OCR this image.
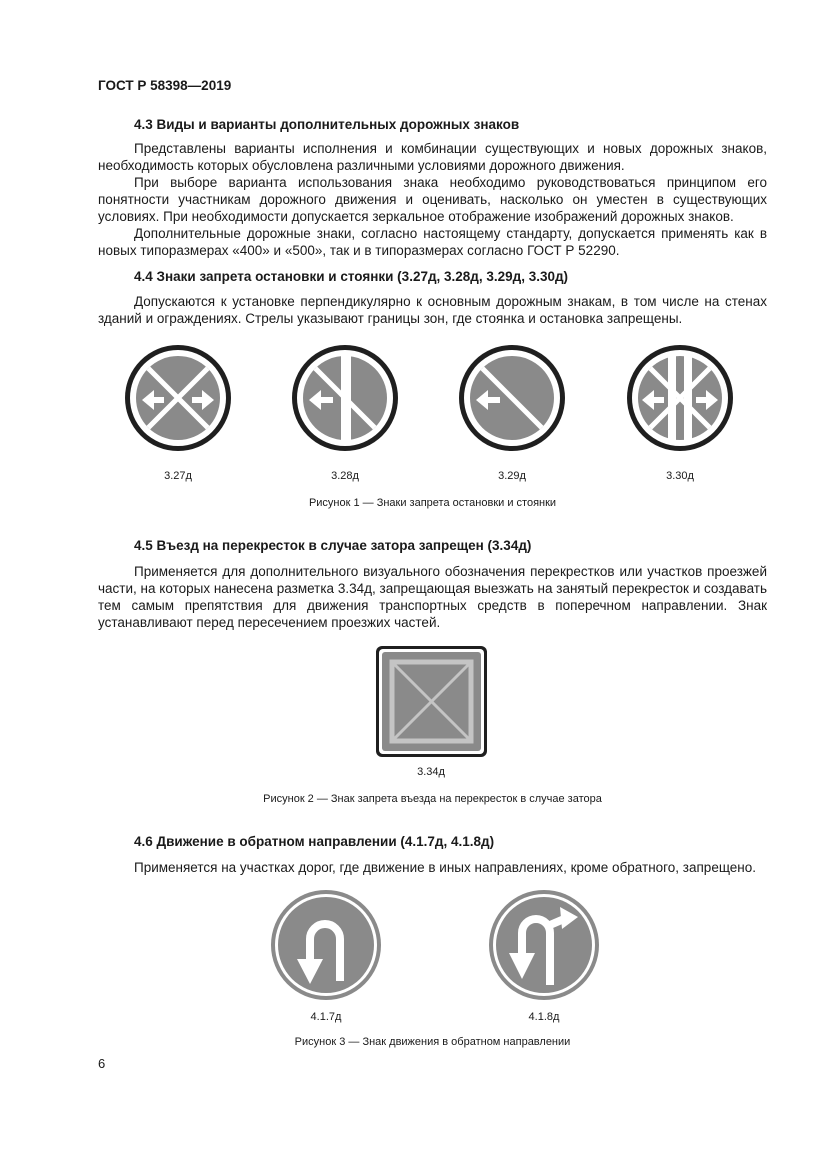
ГОСТ Р 58398—2019
4.3 Виды и варианты дополнительных дорожных знаков

Представлены варианты исполнения и комбинации существующих и новых дорожных знаков, необходимость которых обусловлена различными условиями дорожного движения.

При выборе варианта использования знака необходимо руководствоваться принципом его понятности участникам дорожного движения и оценивать, насколько он уместен в существующих условиях. При необходимости допускается зеркальное отображение изображений дорожных знаков.

Дополнительные дорожные знаки, согласно настоящему стандарту, допускается применять как в новых типоразмерах «400» и «500», так и в типоразмерах согласно ГОСТ Р 52290.

4.4 Знаки запрета остановки и стоянки (3.27д, 3.28д, 3.29д, 3.30д)

Допускаются к установке перпендикулярно к основным дорожным знакам, в том числе на стенах зданий и ограждениях. Стрелы указывают границы зон, где стоянка и остановка запрещены.

3.27д	3.28д	3.29д	3.30д
Рисунок 1 — Знаки запрета остановки и стоянки
4.5 Въезд на перекресток в случае затора запрещен (3.34д)

Применяется для дополнительного визуального обозначения перекрестков или участков проезжей части, на которых нанесена разметка 3.34д, запрещающая выезжать на занятый перекресток и создавать тем самым препятствия для движения транспортных средств в поперечном направлении. Знак устанавливают перед пересечением проезжих частей.

3.34д
Рисунок 2 — Знак запрета въезда на перекресток в случае затора
4.6 Движение в обратном направлении (4.1.7д, 4.1.8д)

Применяется на участках дорог, где движение в иных направлениях, кроме обратного, запрещено.

4.1.7д	4.1.8д
Рисунок 3 — Знак движения в обратном направлении
6
